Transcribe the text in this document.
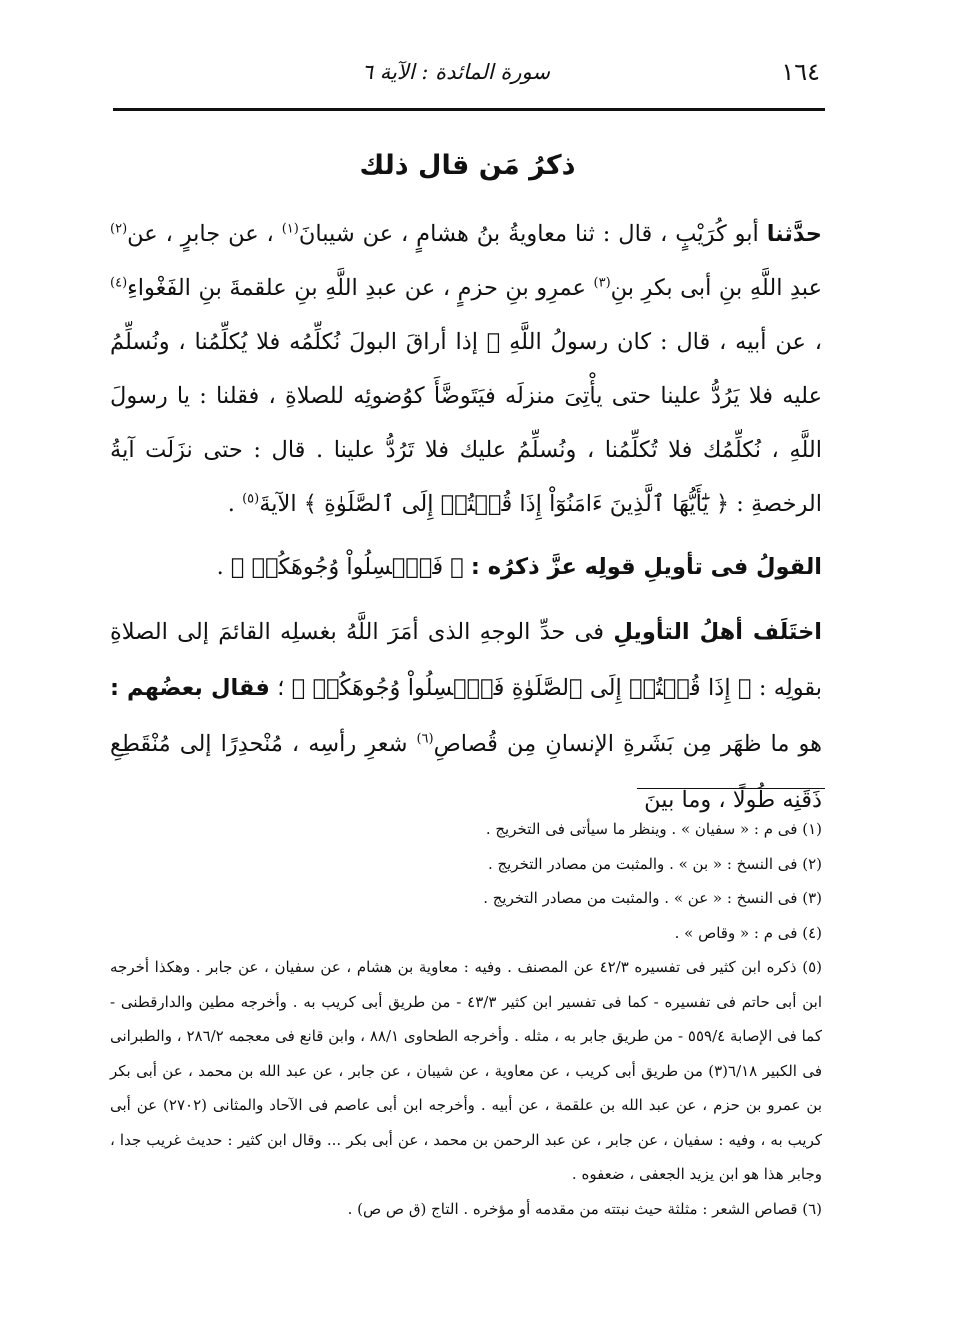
١٦٤
سورة المائدة : الآية ٦
ذكرُ مَن قال ذلك

حدَّثنا أبو كُرَيْبٍ ، قال : ثنا معاويةُ بنُ هشامٍ ، عن شيبانَ$^{(١)}$ ، عن جابرٍ ، عن$^{(٢)}$ عبدِ اللَّهِ بنِ أبى بكرِ بنِ$^{(٣)}$ عمرِو بنِ حزمٍ ، عن عبدِ اللَّهِ بنِ علقمةَ بنِ الفَغْواءِ$^{(٤)}$ ، عن أبيه ، قال : كان رسولُ اللَّهِ ﷺ إذا أراقَ البولَ نُكلِّمُه فلا يُكلِّمُنا ، ونُسلِّمُ عليه فلا يَرُدُّ علينا حتى يأْتِىَ منزلَه فيَتَوضَّأَ كوُضوئِه للصلاةِ ، فقلنا : يا رسولَ اللَّهِ ، نُكلِّمُك فلا تُكلِّمُنا ، ونُسلِّمُ عليك فلا تَرُدُّ علينا . قال : حتى نزَلَت آيةُ الرخصةِ : ﴿ يَٰٓأَيُّهَا ٱلَّذِينَ ءَامَنُوٓاْ إِذَا قُمۡتُمۡ إِلَى ٱلصَّلَوٰةِ ﴾ الآيةَ$^{(٥)}$ .

القولُ فى تأويلِ قولِه عزَّ ذكرُه : ﴿ فَٱغۡسِلُواْ وُجُوهَكُمۡ ﴾ .

اختَلَف أهلُ التأويلِ فى حدِّ الوجهِ الذى أمَرَ اللَّهُ بغسلِه القائمَ إلى الصلاةِ بقولِه : ﴿ إِذَا قُمۡتُمۡ إِلَى ٱلصَّلَوٰةِ فَٱغۡسِلُواْ وُجُوهَكُمۡ ﴾ ؛ فقال بعضُهم : هو ما ظهَر مِن بَشَرةِ الإنسانِ مِن قُصاصِ$^{(٦)}$ شعرِ رأسِه ، مُنْحدِرًا إلى مُنْقَطِعِ ذَقَنِه طُولًا ، وما بينَ

(١) فى م : « سفيان » . وينظر ما سيأتى فى التخريج .

(٢) فى النسخ : « بن » . والمثبت من مصادر التخريج .

(٣) فى النسخ : « عن » . والمثبت من مصادر التخريج .

(٤) فى م : « وقاص » .

(٥) ذكره ابن كثير فى تفسيره ٤٢/٣ عن المصنف . وفيه : معاوية بن هشام ، عن سفيان ، عن جابر . وهكذا أخرجه ابن أبى حاتم فى تفسيره - كما فى تفسير ابن كثير ٤٣/٣ - من طريق أبى كريب به . وأخرجه مطين والدارقطنى - كما فى الإصابة ٥٥٩/٤ - من طريق جابر به ، مثله . وأخرجه الطحاوى ٨٨/١ ، وابن قانع فى معجمه ٢٨٦/٢ ، والطبرانى فى الكبير ٦/١٨(٣) من طريق أبى كريب ، عن معاوية ، عن شيبان ، عن جابر ، عن عبد الله بن محمد ، عن أبى بكر بن عمرو بن حزم ، عن عبد الله بن علقمة ، عن أبيه . وأخرجه ابن أبى عاصم فى الآحاد والمثانى (٢٧٠٢) عن أبى كريب به ، وفيه : سفيان ، عن جابر ، عن عبد الرحمن بن محمد ، عن أبى بكر ... وقال ابن كثير : حديث غريب جدا ، وجابر هذا هو ابن يزيد الجعفى ، ضعفوه .

(٦) قصاص الشعر : مثلثة حيث نبتته من مقدمه أو مؤخره . التاج (ق ص ص) .
